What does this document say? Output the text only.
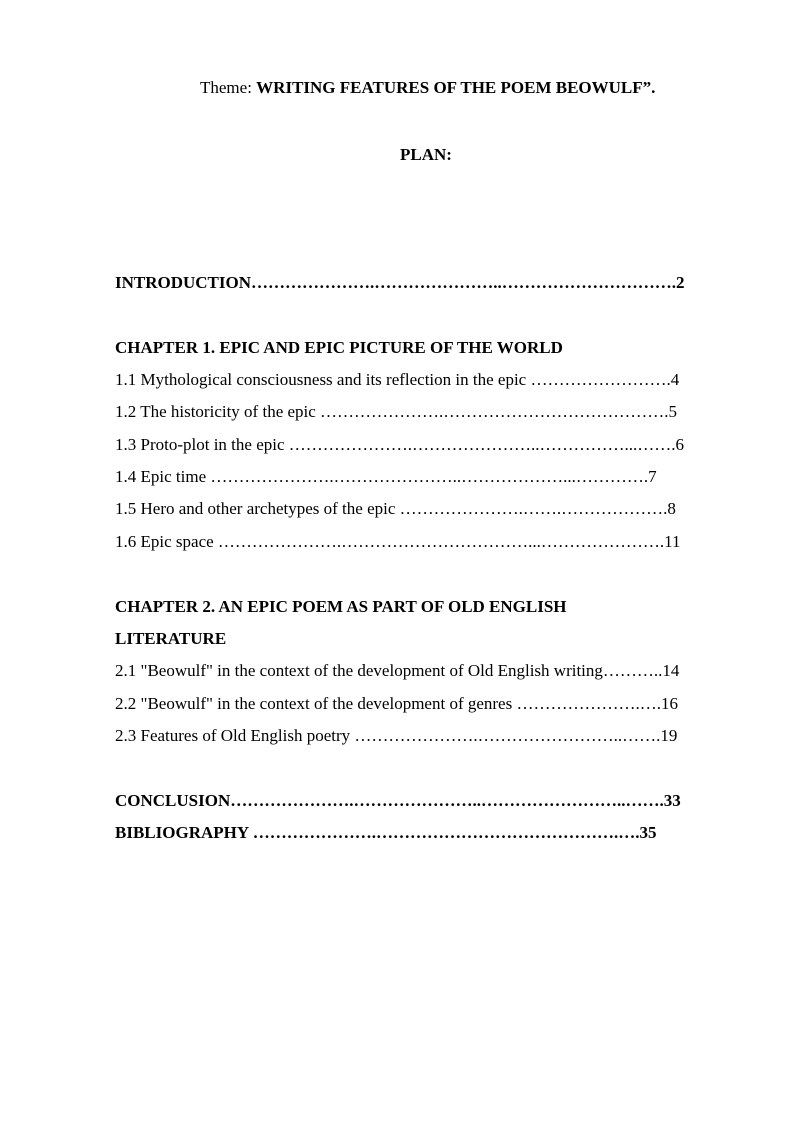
Theme: WRITING FEATURES OF THE POEM BEOWULF”.
PLAN:
INTRODUCTION………………….…………………..………………………….2
CHAPTER 1. EPIC AND EPIC PICTURE OF THE WORLD
1.1 Mythological consciousness and its reflection in the epic …………………….4
1.2 The historicity of the epic ………………….………………………………….5
1.3 Proto-plot in the epic ………………….…………………..……………...…….6
1.4 Epic time ………………….…………………..………………...………….7
1.5 Hero and other archetypes of the epic ………………….…….……………….8
1.6 Epic space ………………….……………………………...………………….11
CHAPTER 2. AN EPIC POEM AS PART OF OLD ENGLISH
LITERATURE
2.1 "Beowulf" in the context of the development of Old English writing………..14
2.2 "Beowulf" in the context of the development of genres ………………….….16
2.3 Features of Old English poetry ………………….……………………..…….19
CONCLUSION………………….…………………..……………………..…….33
BIBLIOGRAPHY ………………….…………………………………….….35
